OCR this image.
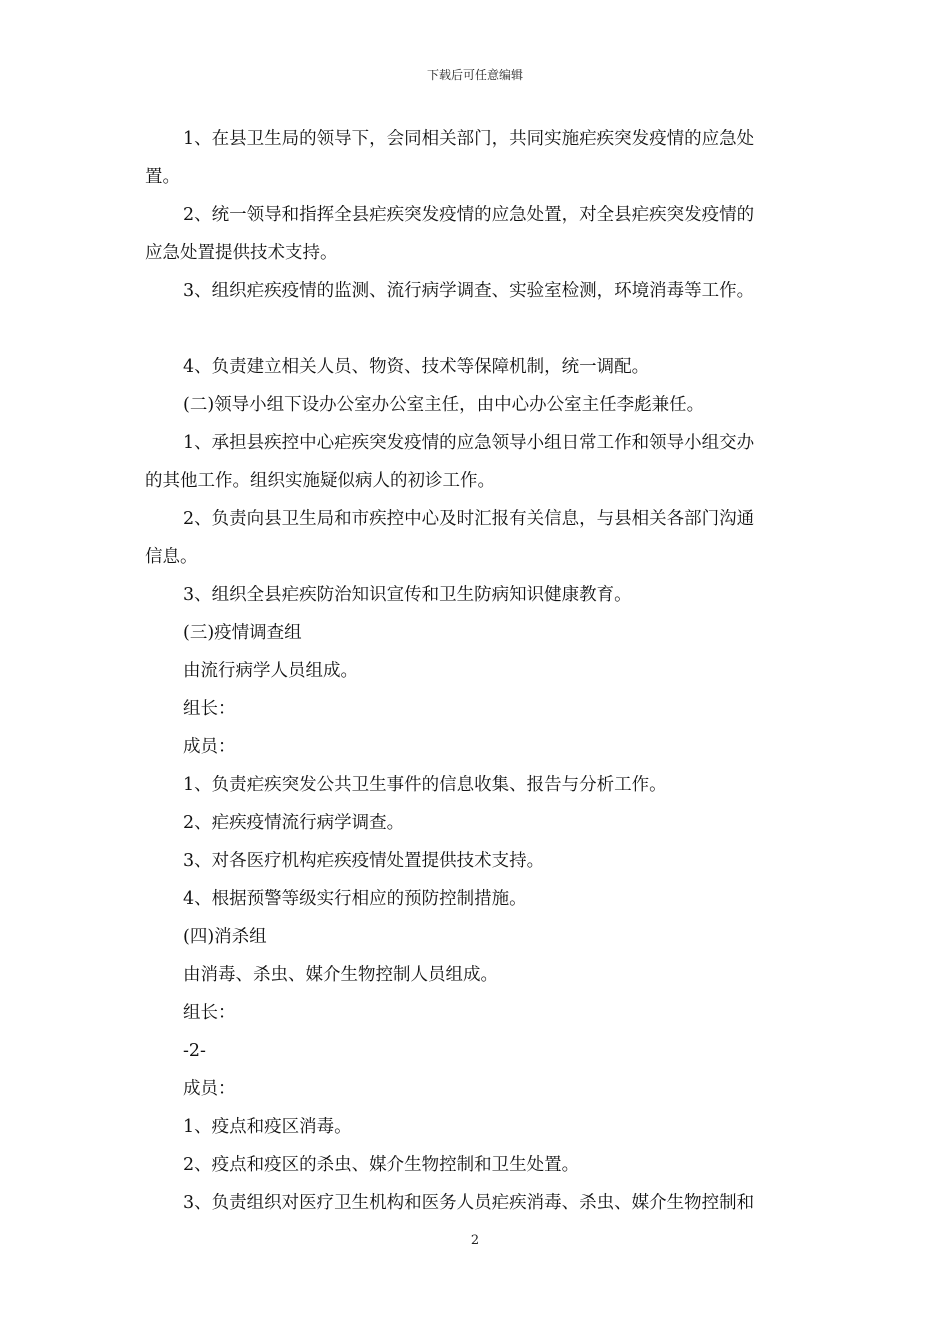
下载后可任意编辑
1、在县卫生局的领导下，会同相关部门，共同实施疟疾突发疫情的应急处
置。
2、统一领导和指挥全县疟疾突发疫情的应急处置，对全县疟疾突发疫情的
应急处置提供技术支持。
3、组织疟疾疫情的监测、流行病学调查、实验室检测，环境消毒等工作。
4、负责建立相关人员、物资、技术等保障机制，统一调配。
(二)领导小组下设办公室办公室主任，由中心办公室主任李彪兼任。
1、承担县疾控中心疟疾突发疫情的应急领导小组日常工作和领导小组交办
的其他工作。组织实施疑似病人的初诊工作。
2、负责向县卫生局和市疾控中心及时汇报有关信息，与县相关各部门沟通
信息。
3、组织全县疟疾防治知识宣传和卫生防病知识健康教育。
(三)疫情调查组
由流行病学人员组成。
组长：
成员：
1、负责疟疾突发公共卫生事件的信息收集、报告与分析工作。
2、疟疾疫情流行病学调查。
3、对各医疗机构疟疾疫情处置提供技术支持。
4、根据预警等级实行相应的预防控制措施。
(四)消杀组
由消毒、杀虫、媒介生物控制人员组成。
组长：
-2-
成员：
1、疫点和疫区消毒。
2、疫点和疫区的杀虫、媒介生物控制和卫生处置。
3、负责组织对医疗卫生机构和医务人员疟疾消毒、杀虫、媒介生物控制和
2
